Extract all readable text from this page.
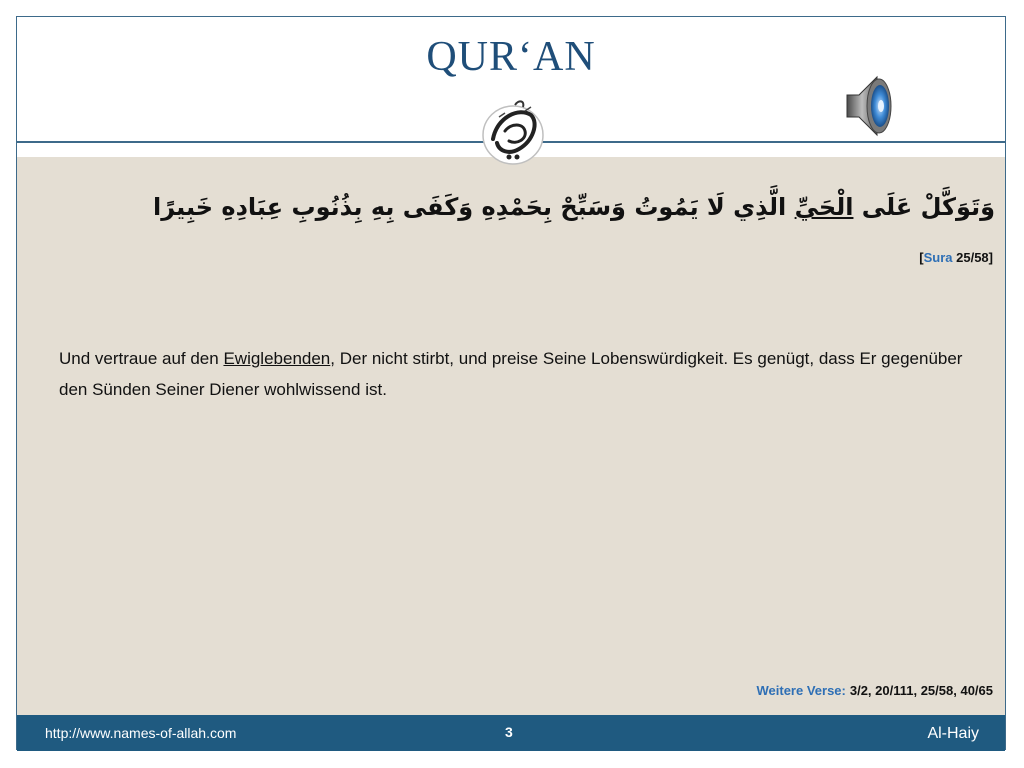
QUR‘AN
وَتَوَكَّلْ عَلَى الْحَيِّ الَّذِي لَا يَمُوتُ وَسَبِّحْ بِحَمْدِهِ وَكَفَى بِهِ بِذُنُوبِ عِبَادِهِ خَبِيرًا
[Sura 25/58]
Und vertraue auf den Ewiglebenden, Der nicht stirbt, und preise Seine Lobenswürdigkeit. Es genügt, dass Er gegenüber den Sünden Seiner Diener wohlwissend ist.
Weitere Verse: 3/2, 20/111, 25/58, 40/65
http://www.names-of-allah.com	3	Al-Haiy
